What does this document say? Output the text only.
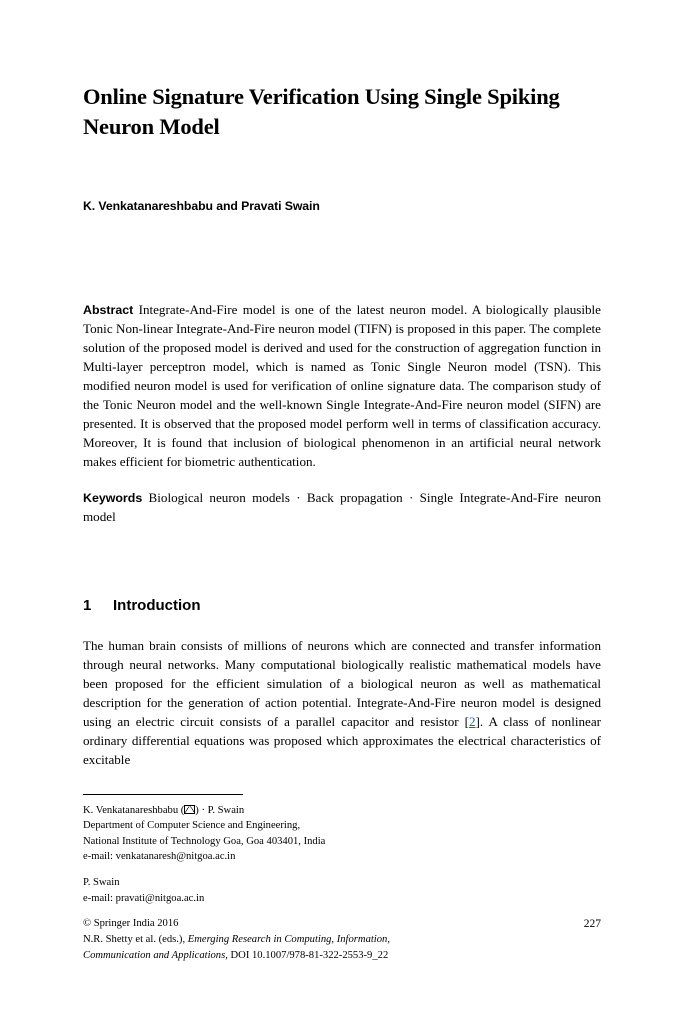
Online Signature Verification Using Single Spiking Neuron Model
K. Venkatanareshbabu and Pravati Swain
Abstract Integrate-And-Fire model is one of the latest neuron model. A biologically plausible Tonic Non-linear Integrate-And-Fire neuron model (TIFN) is proposed in this paper. The complete solution of the proposed model is derived and used for the construction of aggregation function in Multi-layer perceptron model, which is named as Tonic Single Neuron model (TSN). This modified neuron model is used for verification of online signature data. The comparison study of the Tonic Neuron model and the well-known Single Integrate-And-Fire neuron model (SIFN) are presented. It is observed that the proposed model perform well in terms of classification accuracy. Moreover, It is found that inclusion of biological phenomenon in an artificial neural network makes efficient for biometric authentication.
Keywords Biological neuron models · Back propagation · Single Integrate-And-Fire neuron model
1 Introduction
The human brain consists of millions of neurons which are connected and transfer information through neural networks. Many computational biologically realistic mathematical models have been proposed for the efficient simulation of a biological neuron as well as mathematical description for the generation of action potential. Integrate-And-Fire neuron model is designed using an electric circuit consists of a parallel capacitor and resistor [2]. A class of nonlinear ordinary differential equations was proposed which approximates the electrical characteristics of excitable
K. Venkatanareshbabu ( ) · P. Swain
Department of Computer Science and Engineering,
National Institute of Technology Goa, Goa 403401, India
e-mail: venkatanaresh@nitgoa.ac.in
P. Swain
e-mail: pravati@nitgoa.ac.in
© Springer India 2016	227
N.R. Shetty et al. (eds.), Emerging Research in Computing, Information,
Communication and Applications, DOI 10.1007/978-81-322-2553-9_22
